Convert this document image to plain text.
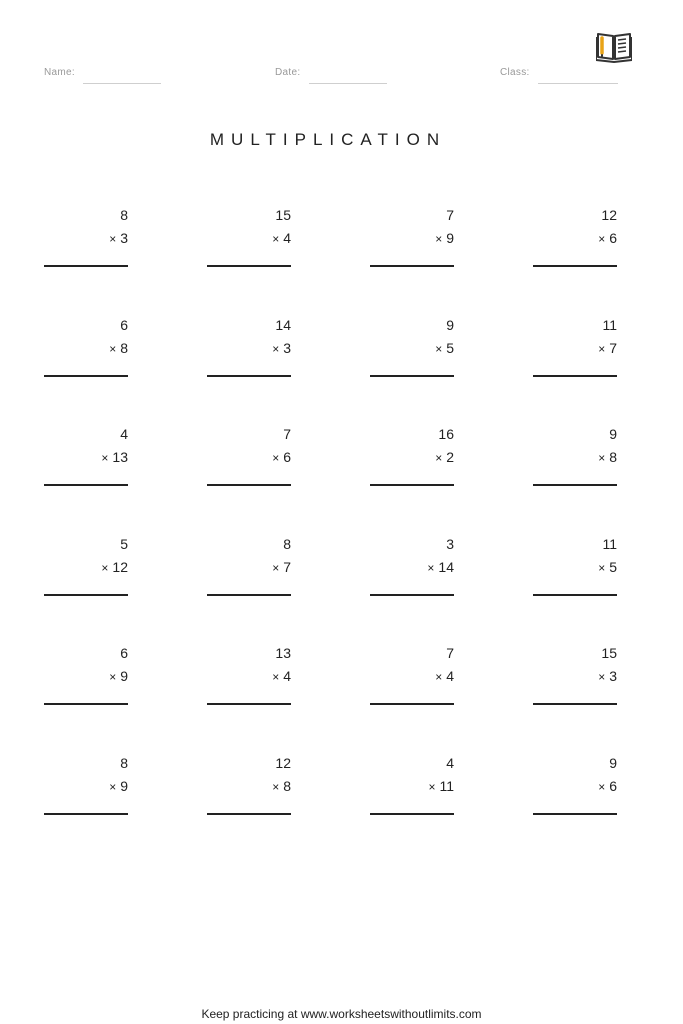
Name:	Date:	Class:
MULTIPLICATION
8
× 3
15
× 4
7
× 9
12
× 6
6
× 8
14
× 3
9
× 5
11
× 7
4
× 13
7
× 6
16
× 2
9
× 8
5
× 12
8
× 7
3
× 14
11
× 5
6
× 9
13
× 4
7
× 4
15
× 3
8
× 9
12
× 8
4
× 11
9
× 6
Keep practicing at www.worksheetswithoutlimits.com
